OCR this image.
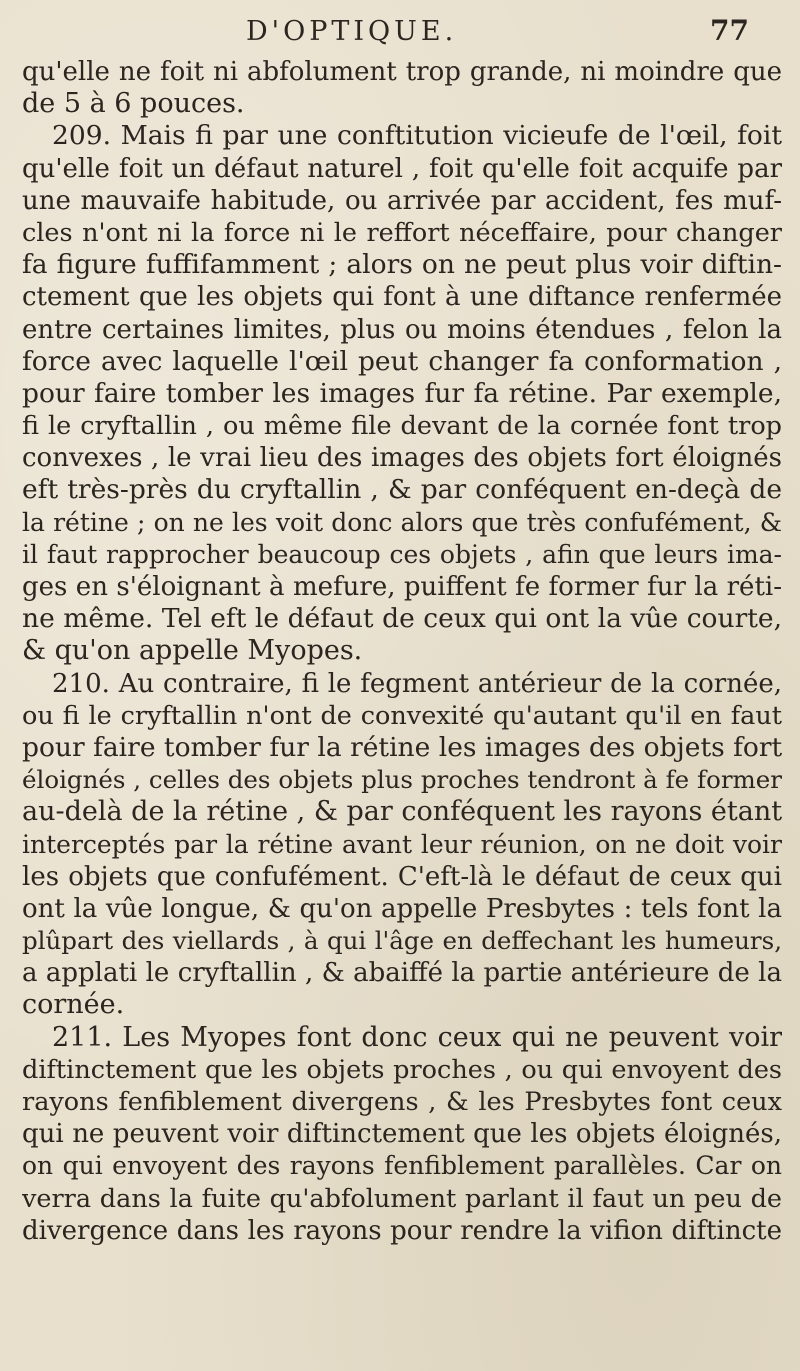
D'OPTIQUE.	77
qu'elle ne foit ni abfolument trop grande, ni moindre que
de 5 à 6 pouces.
209. Mais fi par une conftitution vicieufe de l'œil, foit
qu'elle foit un défaut naturel , foit qu'elle foit acquife par
une mauvaife habitude, ou arrivée par accident, fes muf-
cles n'ont ni la force ni le reffort néceffaire, pour changer
fa figure fuffifamment ; alors on ne peut plus voir diftin-
ctement que les objets qui font à une diftance renfermée
entre certaines limites, plus ou moins étendues , felon la
force avec laquelle l'œil peut changer fa conformation ,
pour faire tomber les images fur fa rétine. Par exemple,
fi le cryftallin , ou même file devant de la cornée font trop
convexes , le vrai lieu des images des objets fort éloignés
eft très-près du cryftallin , & par conféquent en-deçà de
la rétine ; on ne les voit donc alors que très confufément, &
il faut rapprocher beaucoup ces objets , afin que leurs ima-
ges en s'éloignant à mefure, puiffent fe former fur la réti-
ne même. Tel eft le défaut de ceux qui ont la vûe courte,
& qu'on appelle Myopes.
210. Au contraire, fi le fegment antérieur de la cornée,
ou fi le cryftallin n'ont de convexité qu'autant qu'il en faut
pour faire tomber fur la rétine les images des objets fort
éloignés , celles des objets plus proches tendront à fe former
au-delà de la rétine , & par conféquent les rayons étant
interceptés par la rétine avant leur réunion, on ne doit voir
les objets que confufément. C'eft-là le défaut de ceux qui
ont la vûe longue, & qu'on appelle Presbytes : tels font la
plûpart des viellards , à qui l'âge en deffechant les humeurs,
a applati le cryftallin , & abaiffé la partie antérieure de la
cornée.
211. Les Myopes font donc ceux qui ne peuvent voir
diftinctement que les objets proches , ou qui envoyent des
rayons fenfiblement divergens , & les Presbytes font ceux
qui ne peuvent voir diftinctement que les objets éloignés,
on qui envoyent des rayons fenfiblement parallèles. Car on
verra dans la fuite qu'abfolument parlant il faut un peu de
divergence dans les rayons pour rendre la vifion diftincte
